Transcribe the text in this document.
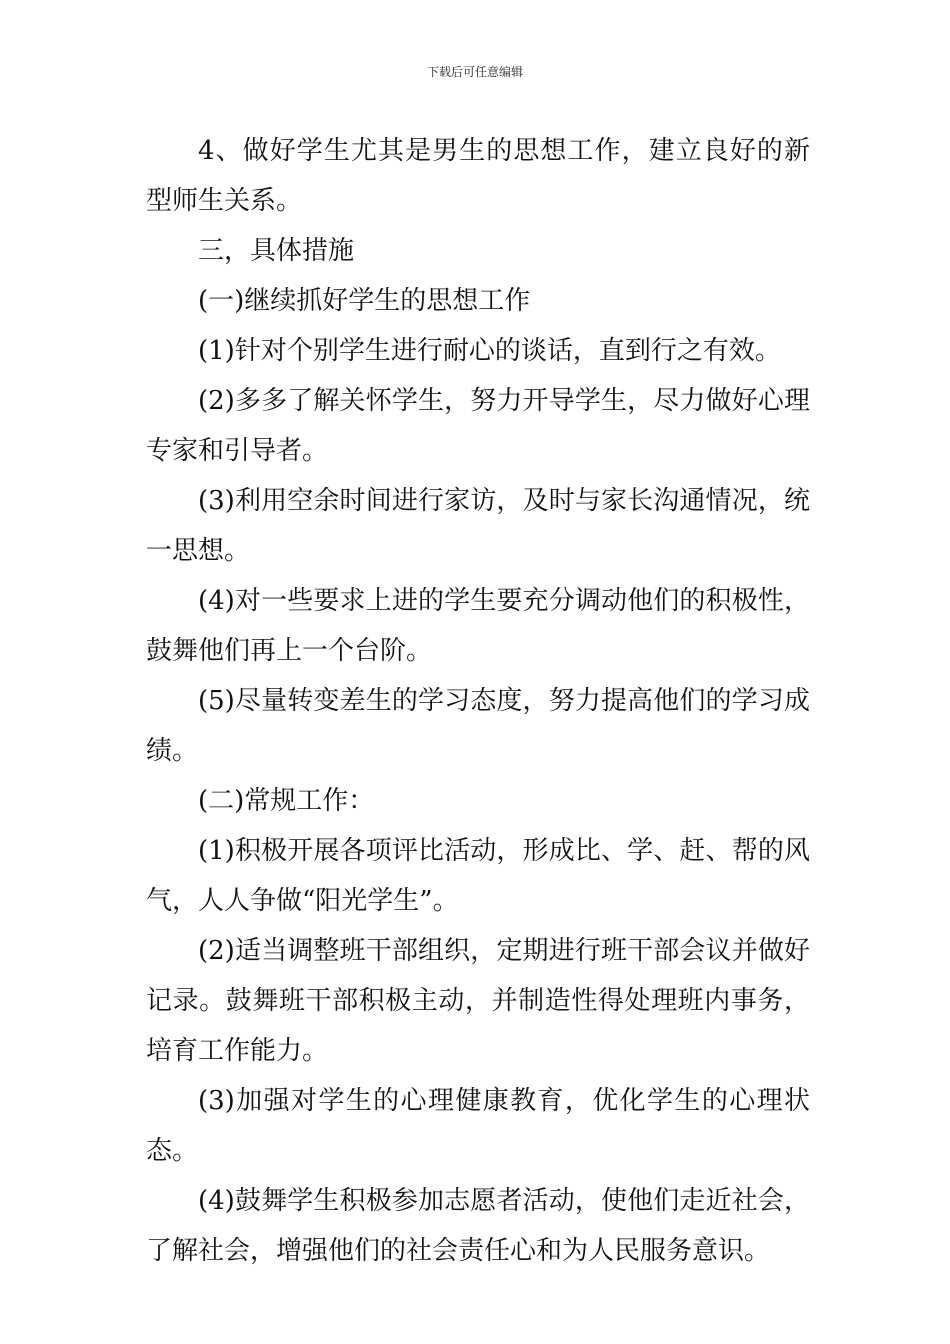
下载后可任意编辑

4、做好学生尤其是男生的思想工作，建立良好的新型师生关系。

三，具体措施

(一)继续抓好学生的思想工作

(1)针对个别学生进行耐心的谈话，直到行之有效。

(2)多多了解关怀学生，努力开导学生，尽力做好心理专家和引导者。

(3)利用空余时间进行家访，及时与家长沟通情况，统一思想。

(4)对一些要求上进的学生要充分调动他们的积极性，鼓舞他们再上一个台阶。

(5)尽量转变差生的学习态度，努力提高他们的学习成绩。

(二)常规工作：

(1)积极开展各项评比活动，形成比、学、赶、帮的风气，人人争做“阳光学生”。

(2)适当调整班干部组织，定期进行班干部会议并做好记录。鼓舞班干部积极主动，并制造性得处理班内事务，培育工作能力。

(3)加强对学生的心理健康教育，优化学生的心理状态。

(4)鼓舞学生积极参加志愿者活动，使他们走近社会，了解社会，增强他们的社会责任心和为人民服务意识。
